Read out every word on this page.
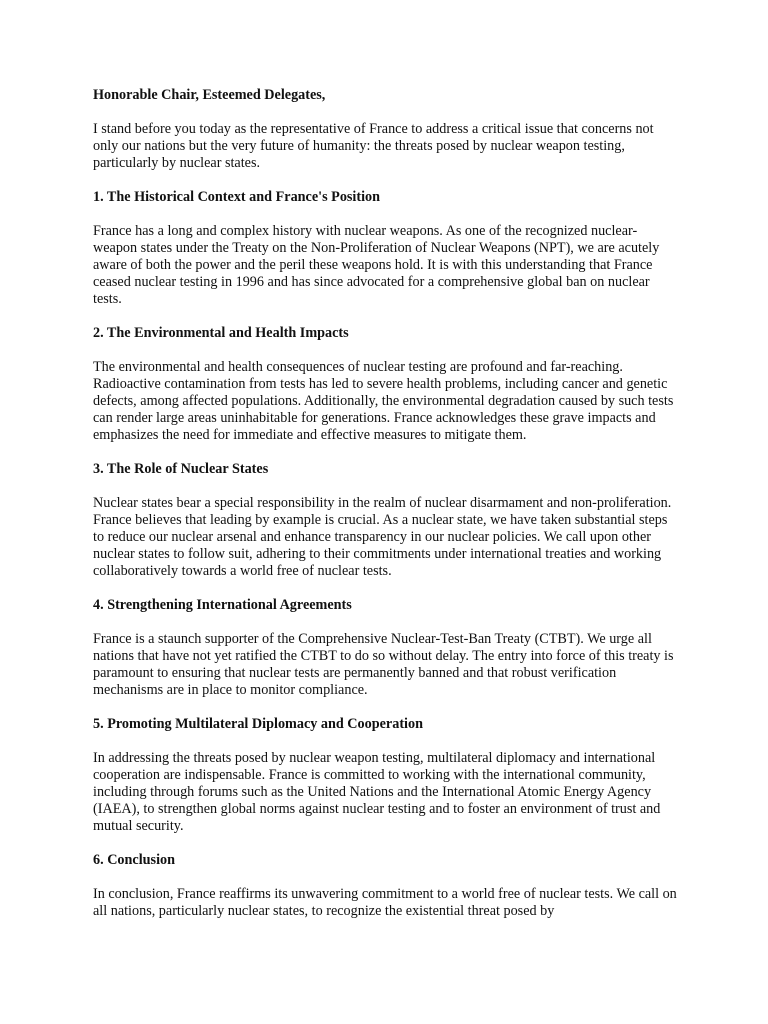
Honorable Chair, Esteemed Delegates,

I stand before you today as the representative of France to address a critical issue that concerns not only our nations but the very future of humanity: the threats posed by nuclear weapon testing, particularly by nuclear states.

1. The Historical Context and France's Position

France has a long and complex history with nuclear weapons. As one of the recognized nuclear-weapon states under the Treaty on the Non-Proliferation of Nuclear Weapons (NPT), we are acutely aware of both the power and the peril these weapons hold. It is with this understanding that France ceased nuclear testing in 1996 and has since advocated for a comprehensive global ban on nuclear tests.

2. The Environmental and Health Impacts

The environmental and health consequences of nuclear testing are profound and far-reaching. Radioactive contamination from tests has led to severe health problems, including cancer and genetic defects, among affected populations. Additionally, the environmental degradation caused by such tests can render large areas uninhabitable for generations. France acknowledges these grave impacts and emphasizes the need for immediate and effective measures to mitigate them.

3. The Role of Nuclear States

Nuclear states bear a special responsibility in the realm of nuclear disarmament and non-proliferation. France believes that leading by example is crucial. As a nuclear state, we have taken substantial steps to reduce our nuclear arsenal and enhance transparency in our nuclear policies. We call upon other nuclear states to follow suit, adhering to their commitments under international treaties and working collaboratively towards a world free of nuclear tests.

4. Strengthening International Agreements

France is a staunch supporter of the Comprehensive Nuclear-Test-Ban Treaty (CTBT). We urge all nations that have not yet ratified the CTBT to do so without delay. The entry into force of this treaty is paramount to ensuring that nuclear tests are permanently banned and that robust verification mechanisms are in place to monitor compliance.

5. Promoting Multilateral Diplomacy and Cooperation

In addressing the threats posed by nuclear weapon testing, multilateral diplomacy and international cooperation are indispensable. France is committed to working with the international community, including through forums such as the United Nations and the International Atomic Energy Agency (IAEA), to strengthen global norms against nuclear testing and to foster an environment of trust and mutual security.

6. Conclusion

In conclusion, France reaffirms its unwavering commitment to a world free of nuclear tests. We call on all nations, particularly nuclear states, to recognize the existential threat posed by
